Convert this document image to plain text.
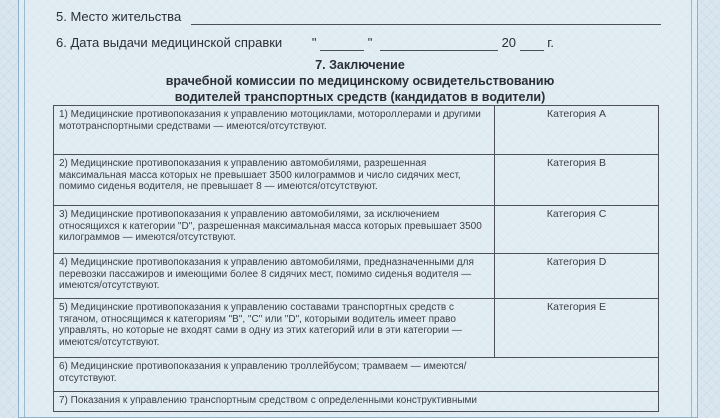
5. Место жительства
6. Дата выдачи медицинской справки "	"	20 г.
7. Заключение
врачебной комиссии по медицинскому освидетельствованию
водителей транспортных средств (кандидатов в водители)
1) Медицинские противопоказания к управлению мотоциклами, мотороллерами и другими мототранспортными средствами — имеются/отсутствуют.	Категория А
2) Медицинские противопоказания к управлению автомобилями, разрешенная максимальная масса которых не превышает 3500 килограммов и число сидячих мест, помимо сиденья водителя, не превышает 8 — имеются/отсутствуют.	Категория В
3) Медицинские противопоказания к управлению автомобилями, за исключением относящихся к категории "D", разрешенная максимальная масса которых превышает 3500 килограммов — имеются/отсутствуют.	Категория С
4) Медицинские противопоказания к управлению автомобилями, предназначенными для перевозки пассажиров и имеющими более 8 сидячих мест, помимо сиденья водителя — имеются/отсутствуют.	Категория D
5) Медицинские противопоказания к управлению составами транспортных средств с тягачом, относящимся к категориям "В", "С" или "D", которыми водитель имеет право управлять, но которые не входят сами в одну из этих категорий или в эти категории — имеются/отсутствуют.	Категория Е

6) Медицинские противопоказания к управлению троллейбусом; трамваем — имеются/отсутствуют.	

7) Показания к управлению транспортным средством с определенными конструктивными	
